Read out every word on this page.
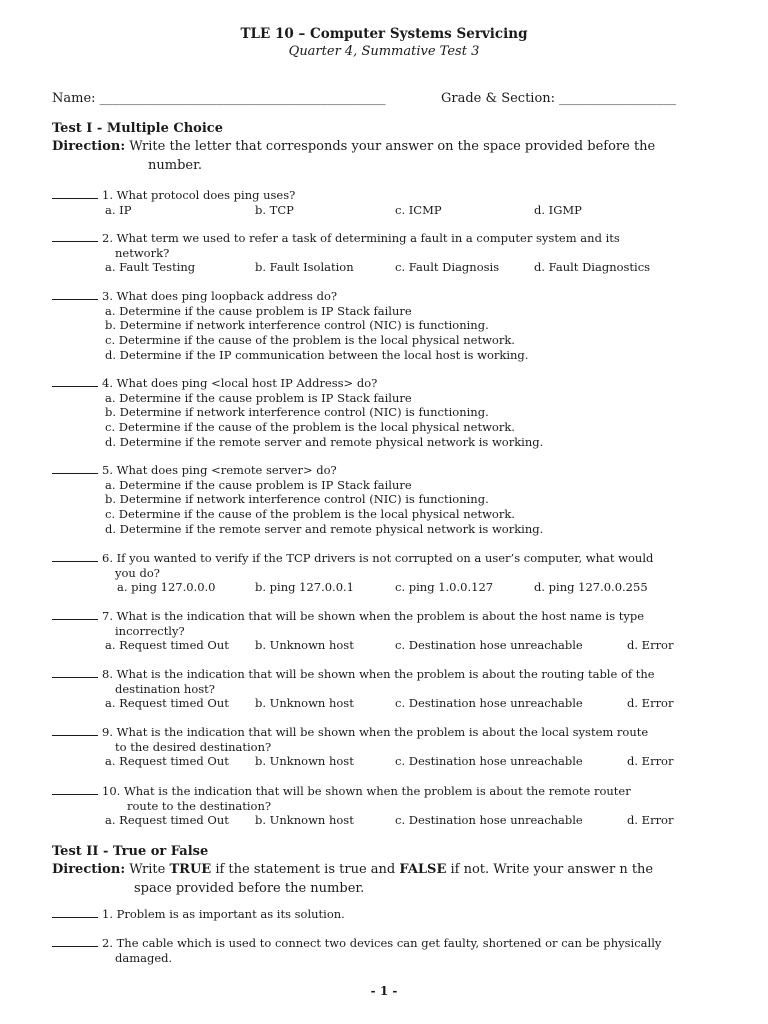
TLE 10 – Computer Systems Servicing
Quarter 4, Summative Test 3
Name: ____________________________________________	Grade & Section: __________________
Test I - Multiple Choice
Direction: Write the letter that corresponds your answer on the space provided before the
number.
1. What protocol does ping uses?
a. IP	b. TCP	c. ICMP	d. IGMP
2. What term we used to refer a task of determining a fault in a computer system and its
network?
a. Fault Testing	b. Fault Isolation	c. Fault Diagnosis	d. Fault Diagnostics
3. What does ping loopback address do?
a. Determine if the cause problem is IP Stack failure
b. Determine if network interference control (NIC) is functioning.
c. Determine if the cause of the problem is the local physical network.
d. Determine if the IP communication between the local host is working.
4. What does ping <local host IP Address> do?
a. Determine if the cause problem is IP Stack failure
b. Determine if network interference control (NIC) is functioning.
c. Determine if the cause of the problem is the local physical network.
d. Determine if the remote server and remote physical network is working.
5. What does ping <remote server> do?
a. Determine if the cause problem is IP Stack failure
b. Determine if network interference control (NIC) is functioning.
c. Determine if the cause of the problem is the local physical network.
d. Determine if the remote server and remote physical network is working.
6. If you wanted to verify if the TCP drivers is not corrupted on a user’s computer, what would
you do?
a. ping 127.0.0.0	b. ping 127.0.0.1	c. ping 1.0.0.127	d. ping 127.0.0.255
7. What is the indication that will be shown when the problem is about the host name is type
incorrectly?
a. Request timed Out b. Unknown host	c. Destination hose unreachable	d. Error
8. What is the indication that will be shown when the problem is about the routing table of the
destination host?
a. Request timed Out b. Unknown host	c. Destination hose unreachable	d. Error
9. What is the indication that will be shown when the problem is about the local system route
to the desired destination?
a. Request timed Out b. Unknown host	c. Destination hose unreachable	d. Error
10. What is the indication that will be shown when the problem is about the remote router
route to the destination?
a. Request timed Out b. Unknown host	c. Destination hose unreachable	d. Error
Test II - True or False
Direction: Write TRUE if the statement is true and FALSE if not. Write your answer n the
space provided before the number.
1. Problem is as important as its solution.
2. The cable which is used to connect two devices can get faulty, shortened or can be physically
damaged.
- 1 -
